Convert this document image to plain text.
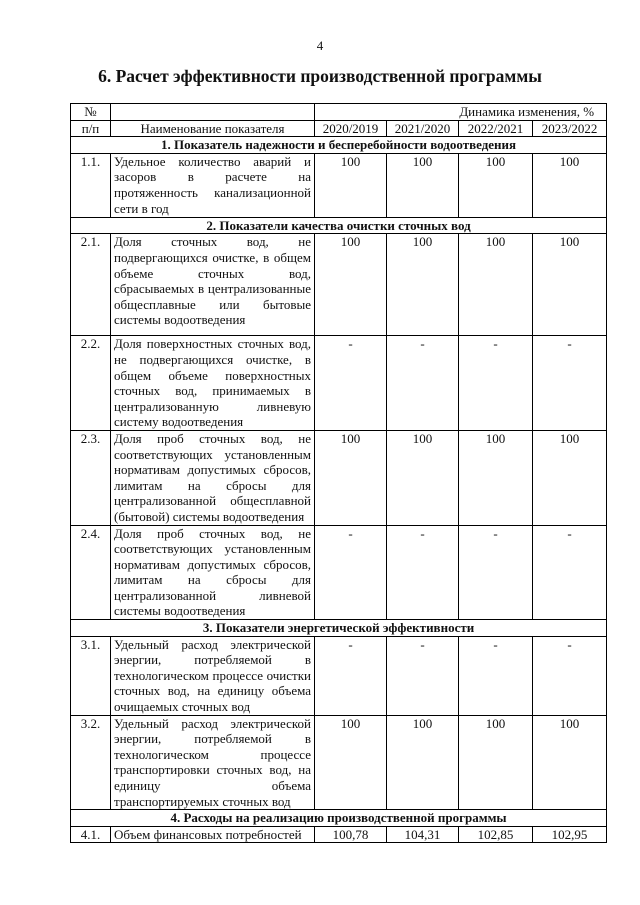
4
6. Расчет эффективности производственной программы
№		Динамика изменения, %			
п/п	Наименование показателя	2020/2019	2021/2020	2022/2021	2023/2022
1. Показатель надежности и бесперебойности водоотведения					
1.1.	Удельное количество аварий и засоров в расчете на протяженность канализационной сети в год	100	100	100	100
2. Показатели качества очистки сточных вод					
2.1.	Доля сточных вод, не подвергающихся очистке, в общем объеме сточных вод, сбрасываемых в централизованные общесплавные или бытовые системы водоотведения	100	100	100	100
2.2.	Доля поверхностных сточных вод, не подвергающихся очистке, в общем объеме поверхностных сточных вод, принимаемых в централизованную ливневую систему водоотведения	-	-	-	-
2.3.	Доля проб сточных вод, не соответствующих установленным нормативам допустимых сбросов, лимитам на сбросы для централизованной общесплавной (бытовой) системы водоотведения	100	100	100	100
2.4.	Доля проб сточных вод, не соответствующих установленным нормативам допустимых сбросов, лимитам на сбросы для централизованной ливневой системы водоотведения	-	-	-	-
3. Показатели энергетической эффективности					
3.1.	Удельный расход электрической энергии, потребляемой в технологическом процессе очистки сточных вод, на единицу объема очищаемых сточных вод	-	-	-	-
3.2.	Удельный расход электрической энергии, потребляемой в технологическом процессе транспортировки сточных вод, на единицу объема транспортируемых сточных вод	100	100	100	100
4. Расходы на реализацию производственной программы					
4.1.	Объем финансовых потребностей	100,78	104,31	102,85	102,95
